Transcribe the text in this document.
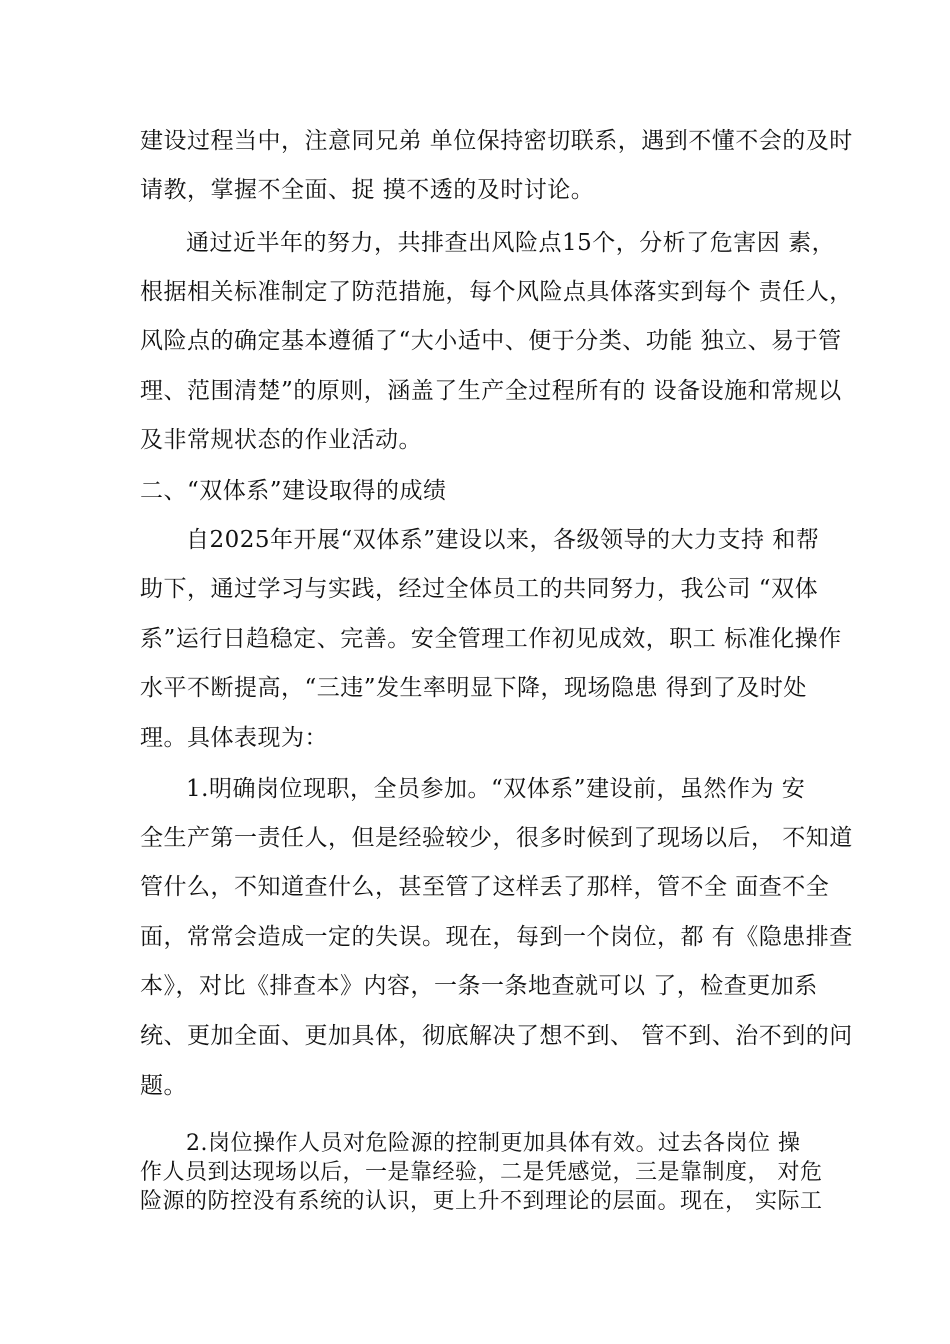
建设过程当中，注意同兄弟 单位保持密切联系，遇到不懂不会的及时
请教，掌握不全面、捉 摸不透的及时讨论。
通过近半年的努力，共排查出风险点15个，分析了危害因 素，
根据相关标准制定了防范措施，每个风险点具体落实到每个 责任人，
风险点的确定基本遵循了“大小适中、便于分类、功能 独立、易于管
理、范围清楚”的原则，涵盖了生产全过程所有的 设备设施和常规以
及非常规状态的作业活动。
二、“双体系”建设取得的成绩
自2025年开展“双体系”建设以来，各级领导的大力支持 和帮
助下，通过学习与实践，经过全体员工的共同努力，我公司 “双体
系”运行日趋稳定、完善。安全管理工作初见成效，职工 标准化操作
水平不断提高，“三违”发生率明显下降，现场隐患 得到了及时处
理。具体表现为：
1.明确岗位现职，全员参加。“双体系”建设前，虽然作为 安
全生产第一责任人，但是经验较少，很多时候到了现场以后， 不知道
管什么，不知道查什么，甚至管了这样丢了那样，管不全 面查不全
面，常常会造成一定的失误。现在，每到一个岗位，都 有《隐患排查
本》，对比《排查本》内容，一条一条地查就可以 了，检查更加系
统、更加全面、更加具体，彻底解决了想不到、 管不到、治不到的问
题。
2.岗位操作人员对危险源的控制更加具体有效。过去各岗位 操
作人员到达现场以后，一是靠经验，二是凭感觉，三是靠制度， 对危
险源的防控没有系统的认识，更上升不到理论的层面。现在， 实际工
